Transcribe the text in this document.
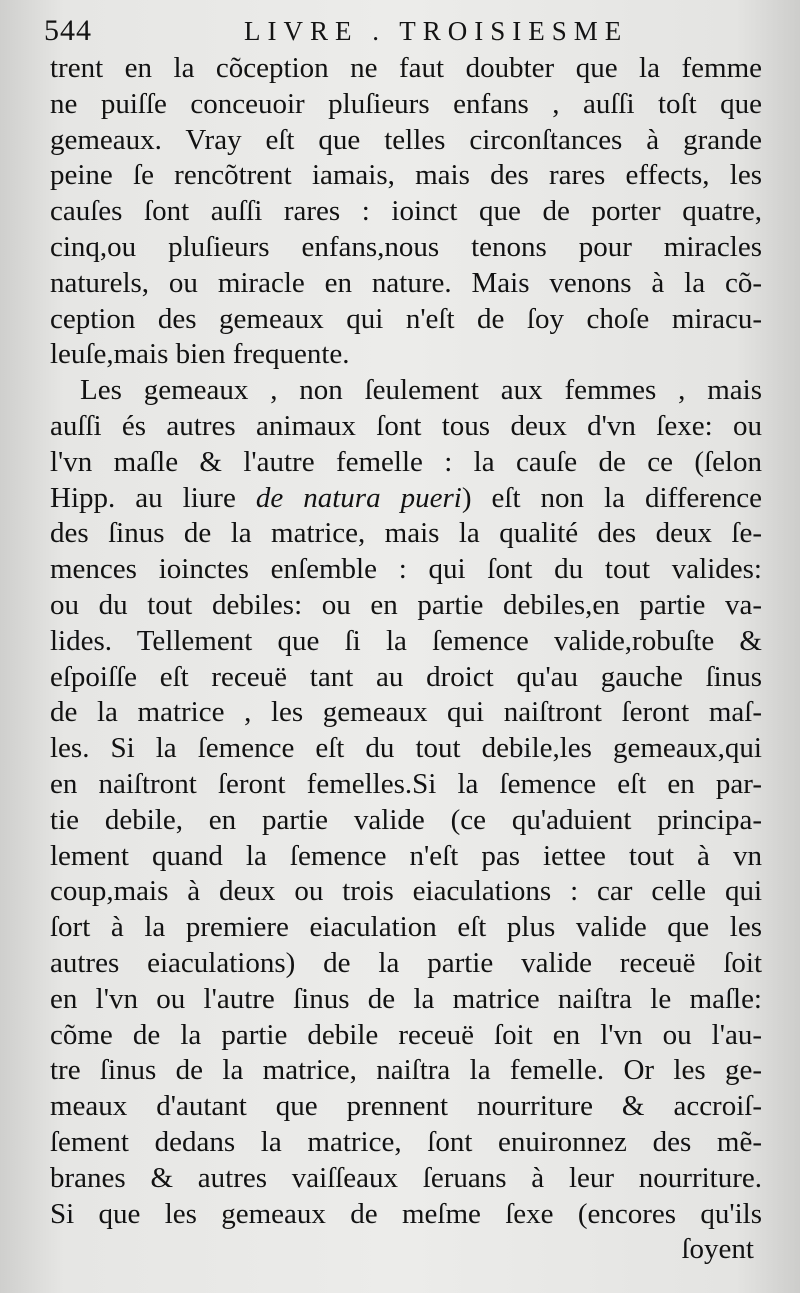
544	LIVRE . TROISIESME
trent en la cõception ne faut doubter que la femme
ne puiſſe conceuoir pluſieurs enfans , auſſi toſt que
gemeaux. Vray eſt que telles circonſtances à grande
peine ſe rencõtrent iamais, mais des rares effects, les
cauſes ſont auſſi rares : ioinct que de porter quatre,
cinq,ou pluſieurs enfans,nous tenons pour miracles
naturels, ou miracle en nature. Mais venons à la cõ-
ception des gemeaux qui n'eſt de ſoy choſe miracu-
leuſe,mais bien frequente.
Les gemeaux , non ſeulement aux femmes , mais
auſſi és autres animaux ſont tous deux d'vn ſexe: ou
l'vn maſle & l'autre femelle : la cauſe de ce (ſelon
Hipp. au liure de natura pueri) eſt non la difference
des ſinus de la matrice, mais la qualité des deux ſe-
mences ioinctes enſemble : qui ſont du tout valides:
ou du tout debiles: ou en partie debiles,en partie va-
lides. Tellement que ſi la ſemence valide,robuſte &
eſpoiſſe eſt receuë tant au droict qu'au gauche ſinus
de la matrice , les gemeaux qui naiſtront ſeront maſ-
les. Si la ſemence eſt du tout debile,les gemeaux,qui
en naiſtront ſeront femelles.Si la ſemence eſt en par-
tie debile, en partie valide (ce qu'aduient principa-
lement quand la ſemence n'eſt pas iettee tout à vn
coup,mais à deux ou trois eiaculations : car celle qui
ſort à la premiere eiaculation eſt plus valide que les
autres eiaculations) de la partie valide receuë ſoit
en l'vn ou l'autre ſinus de la matrice naiſtra le maſle:
cõme de la partie debile receuë ſoit en l'vn ou l'au-
tre ſinus de la matrice, naiſtra la femelle. Or les ge-
meaux d'autant que prennent nourriture & accroiſ-
ſement dedans la matrice, ſont enuironnez des mẽ-
branes & autres vaiſſeaux ſeruans à leur nourriture.
Si que les gemeaux de meſme ſexe (encores qu'ils
ſoyent
